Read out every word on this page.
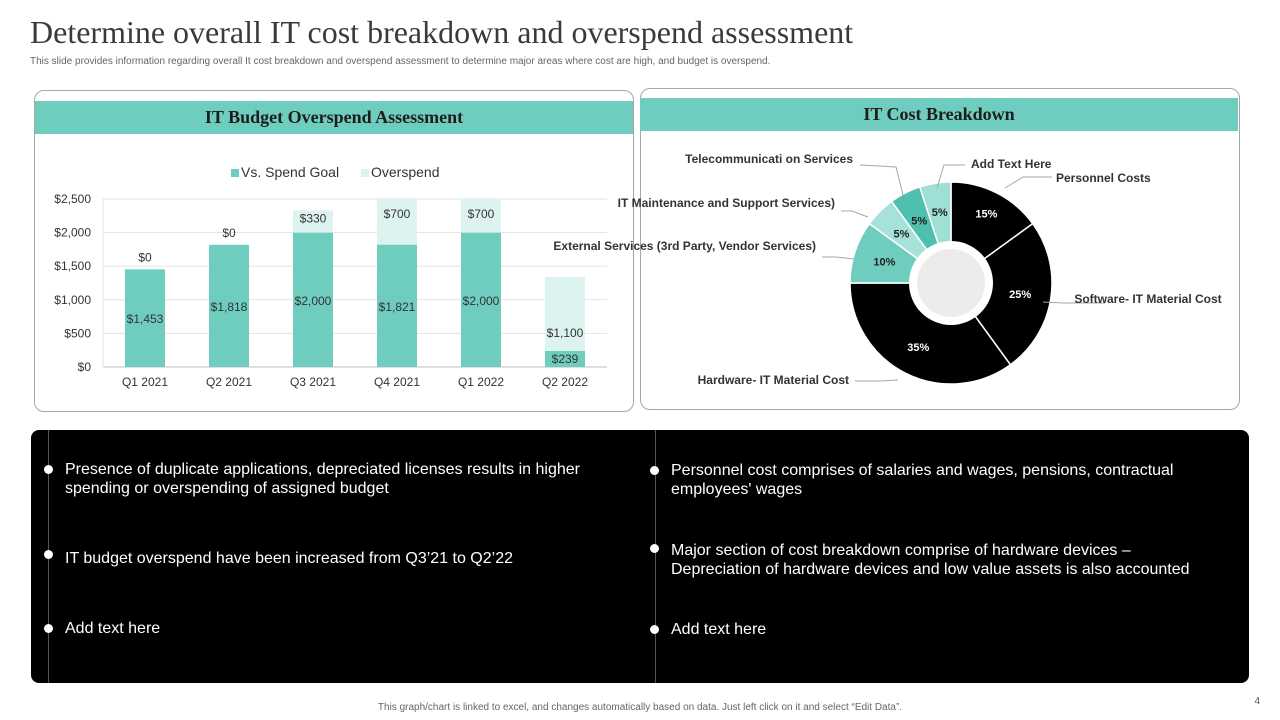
Determine overall IT cost breakdown and overspend assessment
This slide provides information regarding overall It cost breakdown and overspend assessment to determine major areas where cost are high, and budget is overspend.
IT Budget Overspend Assessment
$0
$500
$1,000
$1,500
$2,000
$2,500
Vs. Spend Goal Overspend
$1,453
$0
Q1 2021
$1,818
$0
Q2 2021
$2,000
$330
Q3 2021
$1,821
$700
Q4 2021
$2,000
$700
Q1 2022
$239
$1,100
Q2 2022
IT Cost Breakdown
15%
25%
35%
10%
5%
5%
5%
Personnel Costs
Software- IT Material Cost
Hardware- IT Material Cost
External Services (3rd Party, Vendor Services)
IT Maintenance and Support Services)
Telecommunicati on Services	Add Text Here
Presence of duplicate applications, depreciated licenses results in higher spending or overspending of assigned budget
IT budget overspend have been increased from Q3’21 to Q2’22
Add text here
Personnel cost comprises of salaries and wages, pensions, contractual employees' wages
Major section of cost breakdown comprise of hardware devices – Depreciation of hardware devices and low value assets is also accounted
Add text here
This graph/chart is linked to excel, and changes automatically based on data. Just left click on it and select “Edit Data”.
4
